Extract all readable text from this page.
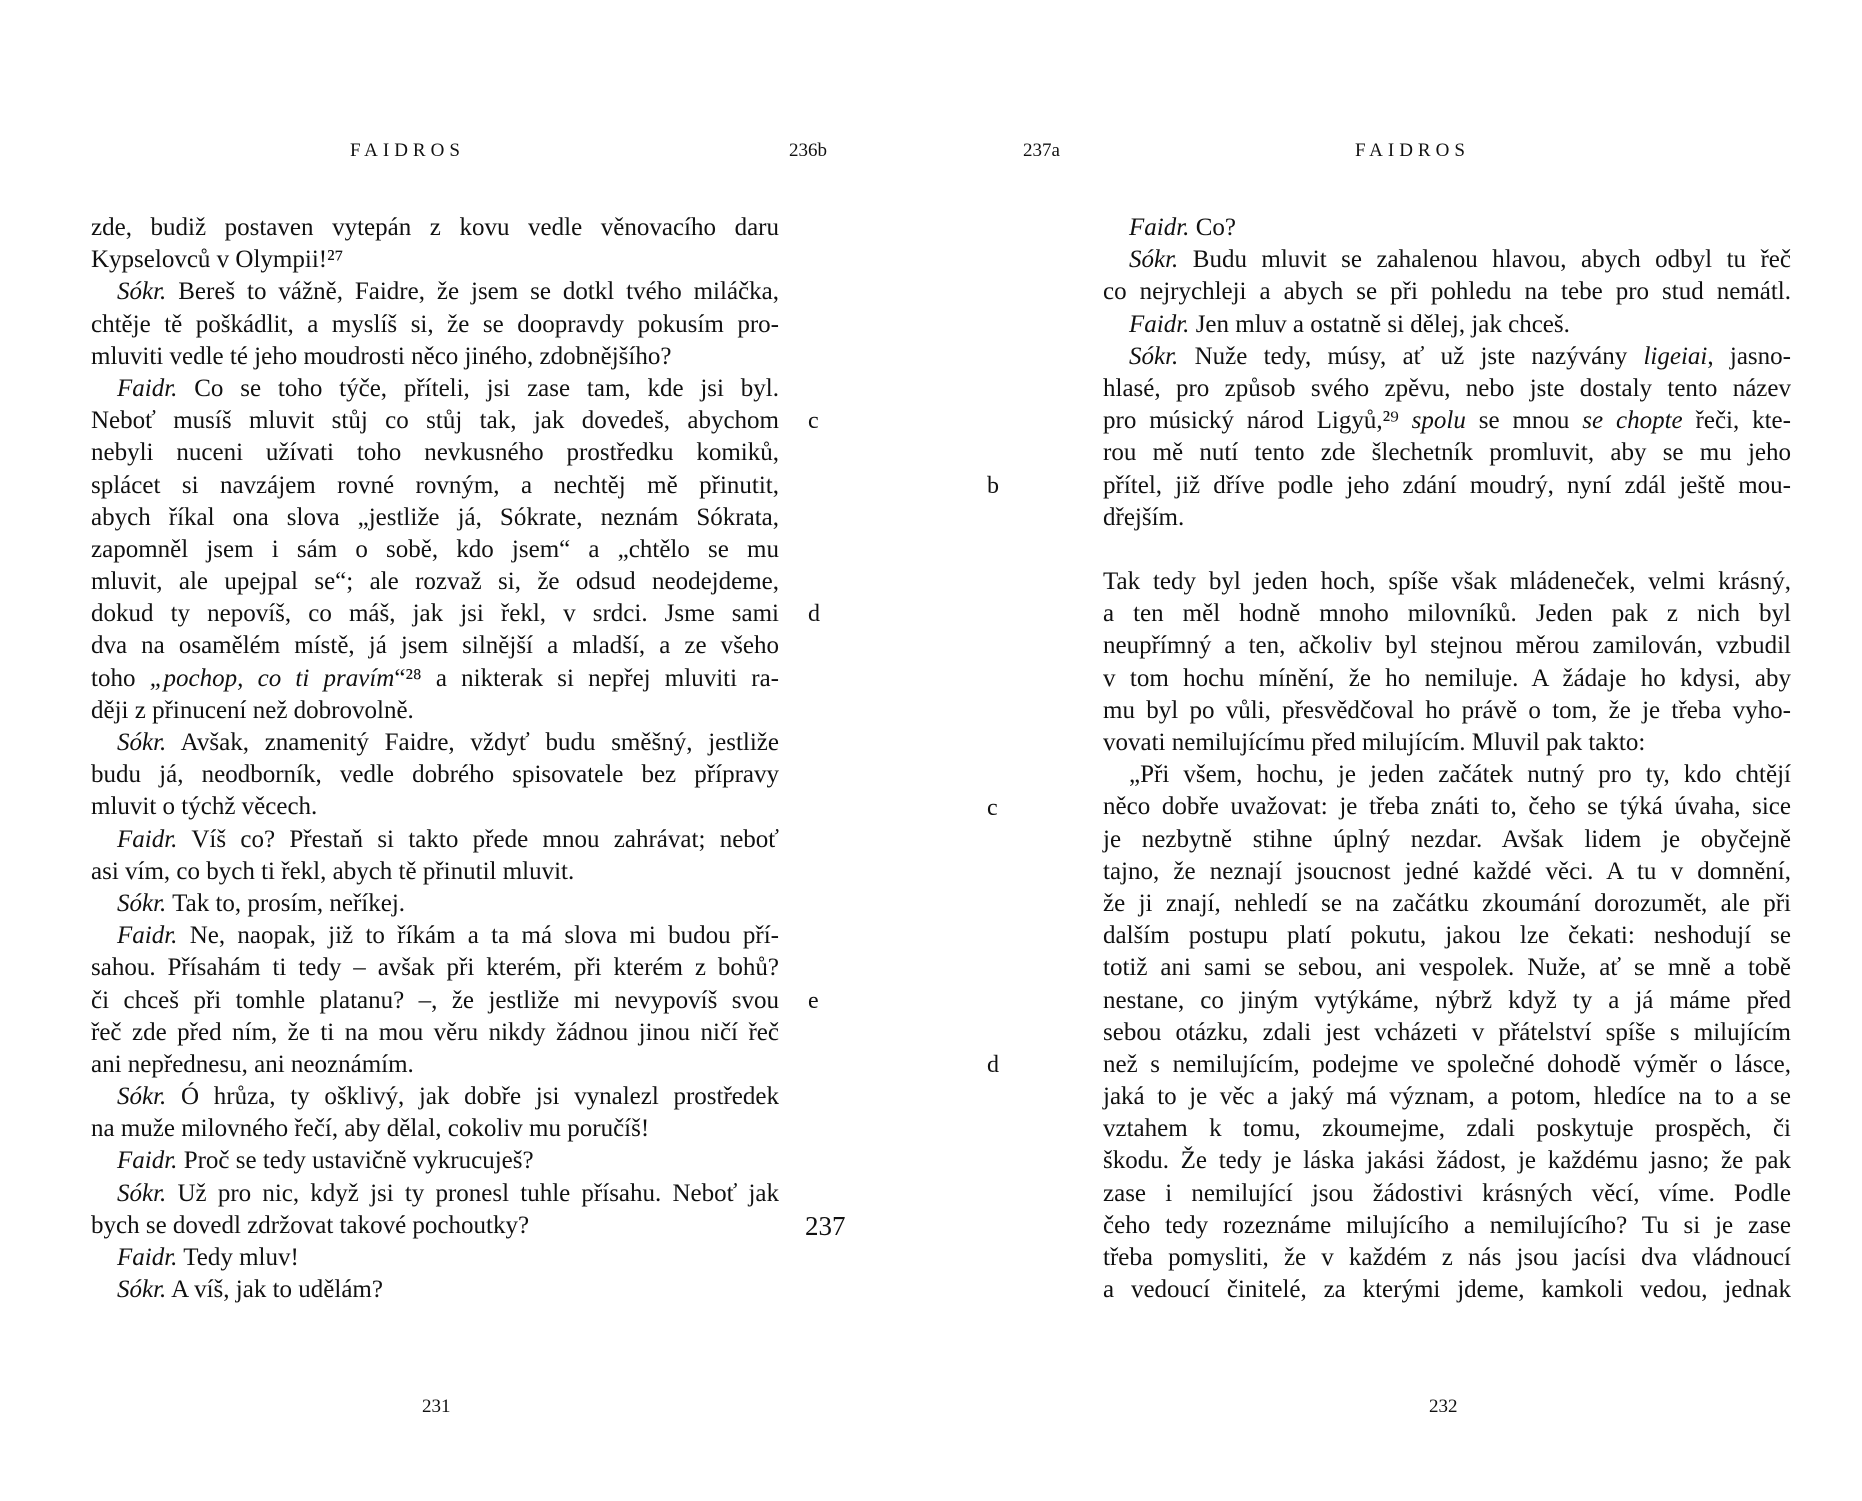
FAIDROS	236b

zde, budiž postaven vytepán z kovu vedle věnovacího daru
Kypselovců v Olympii!²⁷
Sókr. Bereš to vážně, Faidre, že jsem se dotkl tvého miláčka,
chtěje tě poškádlit, a myslíš si, že se doopravdy pokusím pro-
mluviti vedle té jeho moudrosti něco jiného, zdobnějšího?
Faidr. Co se toho týče, příteli, jsi zase tam, kde jsi byl.
Neboť musíš mluvit stůj co stůj tak, jak dovedeš, abychom
nebyli nuceni užívati toho nevkusného prostředku komiků,
splácet si navzájem rovné rovným, a nechtěj mě přinutit,
abych říkal ona slova „jestliže já, Sókrate, neznám Sókrata,
zapomněl jsem i sám o sobě, kdo jsem“ a „chtělo se mu
mluvit, ale upejpal se“; ale rozvaž si, že odsud neodejdeme,
dokud ty nepovíš, co máš, jak jsi řekl, v srdci. Jsme sami
dva na osamělém místě, já jsem silnější a mladší, a ze všeho
toho „pochop, co ti pravím“²⁸ a nikterak si nepřej mluviti ra-
ději z přinucení než dobrovolně.
Sókr. Avšak, znamenitý Faidre, vždyť budu směšný, jestliže
budu já, neodborník, vedle dobrého spisovatele bez přípravy
mluvit o týchž věcech.
Faidr. Víš co? Přestaň si takto přede mnou zahrávat; neboť
asi vím, co bych ti řekl, abych tě přinutil mluvit.
Sókr. Tak to, prosím, neříkej.
Faidr. Ne, naopak, již to říkám a ta má slova mi budou pří-
sahou. Přísahám ti tedy – avšak při kterém, při kterém z bohů?
či chceš při tomhle platanu? –, že jestliže mi nevypovíš svou
řeč zde před ním, že ti na mou věru nikdy žádnou jinou ničí řeč
ani nepřednesu, ani neoznámím.
Sókr. Ó hrůza, ty ošklivý, jak dobře jsi vynalezl prostředek
na muže milovného řečí, aby dělal, cokoliv mu poručíš!
Faidr. Proč se tedy ustavičně vykrucuješ?
Sókr. Už pro nic, když jsi ty pronesl tuhle přísahu. Neboť jak
bych se dovedl zdržovat takové pochoutky?
Faidr. Tedy mluv!
Sókr. A víš, jak to udělám?
c
d
e
237

231

FAIDROS

237a

Faidr. Co?
Sókr. Budu mluvit se zahalenou hlavou, abych odbyl tu řeč
co nejrychleji a abych se při pohledu na tebe pro stud nemátl.
Faidr. Jen mluv a ostatně si dělej, jak chceš.
Sókr. Nuže tedy, músy, ať už jste nazývány ligeiai, jasno-
hlasé, pro způsob svého zpěvu, nebo jste dostaly tento název
pro músický národ Ligyů,²⁹ spolu se mnou se chopte řeči, kte-
rou mě nutí tento zde šlechetník promluvit, aby se mu jeho
přítel, již dříve podle jeho zdání moudrý, nyní zdál ještě mou-
dřejším.
Tak tedy byl jeden hoch, spíše však mládeneček, velmi krásný,
a ten měl hodně mnoho milovníků. Jeden pak z nich byl
neupřímný a ten, ačkoliv byl stejnou měrou zamilován, vzbudil
v tom hochu mínění, že ho nemiluje. A žádaje ho kdysi, aby
mu byl po vůli, přesvědčoval ho právě o tom, že je třeba vyho-
vovati nemilujícímu před milujícím. Mluvil pak takto:
„Při všem, hochu, je jeden začátek nutný pro ty, kdo chtějí
něco dobře uvažovat: je třeba znáti to, čeho se týká úvaha, sice
je nezbytně stihne úplný nezdar. Avšak lidem je obyčejně
tajno, že neznají jsoucnost jedné každé věci. A tu v domnění,
že ji znají, nehledí se na začátku zkoumání dorozumět, ale při
dalším postupu platí pokutu, jakou lze čekati: neshodují se
totiž ani sami se sebou, ani vespolek. Nuže, ať se mně a tobě
nestane, co jiným vytýkáme, nýbrž když ty a já máme před
sebou otázku, zdali jest vcházeti v přátelství spíše s milujícím
než s nemilujícím, podejme ve společné dohodě výměr o lásce,
jaká to je věc a jaký má význam, a potom, hledíce na to a se
vztahem k tomu, zkoumejme, zdali poskytuje prospěch, či
škodu. Že tedy je láska jakási žádost, je každému jasno; že pak
zase i nemilující jsou žádostivi krásných věcí, víme. Podle
čeho tedy rozeznáme milujícího a nemilujícího? Tu si je zase
třeba pomysliti, že v každém z nás jsou jacísi dva vládnoucí
a vedoucí činitelé, za kterými jdeme, kamkoli vedou, jednak
b
c
d

232
